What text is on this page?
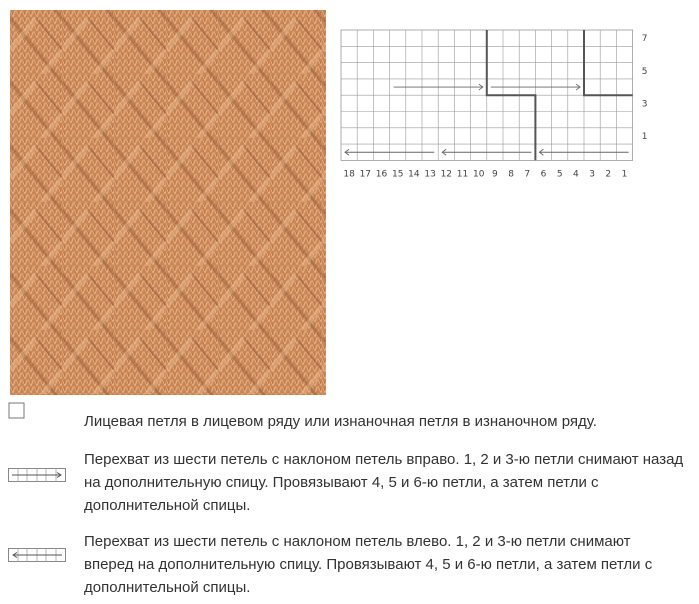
18 17 16 15 14 13 12 11 10 9 8 7 6 5 4 3 2 1
7
5
3
1
Лицевая петля в лицевом ряду или изнаночная петля в изнаночном ряду.
Перехват из шести петель с наклоном петель вправо. 1, 2 и 3-ю петли снимают назад на дополнительную спицу. Провязывают 4, 5 и 6-ю петли, а затем петли с дополнительной спицы.
Перехват из шести петель с наклоном петель влево. 1, 2 и 3-ю петли снимают вперед на дополнительную спицу. Провязывают 4, 5 и 6-ю петли, а затем петли с дополнительной спицы.
